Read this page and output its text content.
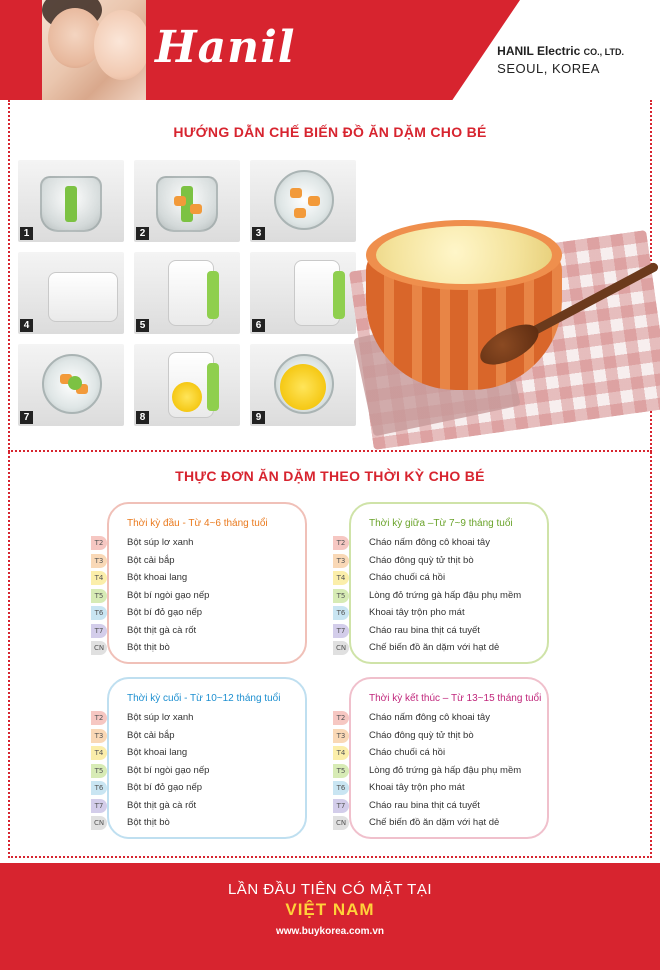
Hanil	HANIL Electric CO., LTD.
SEOUL, KOREA
HƯỚNG DẪN CHẾ BIẾN ĐỒ ĂN DẶM CHO BÉ
1	2	3
4	5	6
7	8	9
THỰC ĐƠN ĂN DẶM THEO THỜI KỲ CHO BÉ
Thời kỳ đầu - Từ 4~6 tháng tuổi
T2	Bột súp lơ xanh
T3	Bột cải bắp
T4	Bột khoai lang
T5	Bột bí ngòi gạo nếp
T6	Bột bí đỏ gạo nếp
T7	Bột thịt gà cà rốt
CN	Bột thịt bò
Thời kỳ giữa –Từ 7~9 tháng tuổi
T2	Cháo nấm đông cô khoai tây
T3	Cháo đông quỳ tử thịt bò
T4	Cháo chuối cá hồi
T5	Lòng đỏ trứng gà hấp đậu phụ mềm
T6	Khoai tây trộn pho mát
T7	Cháo rau bina thịt cá tuyết
CN	Chế biến đồ ăn dặm với hạt dẻ
Thời kỳ cuối - Từ 10~12 tháng tuổi
T2	Bột súp lơ xanh
T3	Bột cải bắp
T4	Bột khoai lang
T5	Bột bí ngòi gạo nếp
T6	Bột bí đỏ gạo nếp
T7	Bột thịt gà cà rốt
CN	Bột thịt bò
Thời kỳ kết thúc – Từ 13~15 tháng tuổi
T2	Cháo nấm đông cô khoai tây
T3	Cháo đông quỳ tử thịt bò
T4	Cháo chuối cá hồi
T5	Lòng đỏ trứng gà hấp đậu phụ mềm
T6	Khoai tây trộn pho mát
T7	Cháo rau bina thịt cá tuyết
CN	Chế biến đồ ăn dặm với hạt dẻ
LẦN ĐẦU TIÊN CÓ MẶT TẠI
VIỆT NAM
www.buykorea.com.vn
